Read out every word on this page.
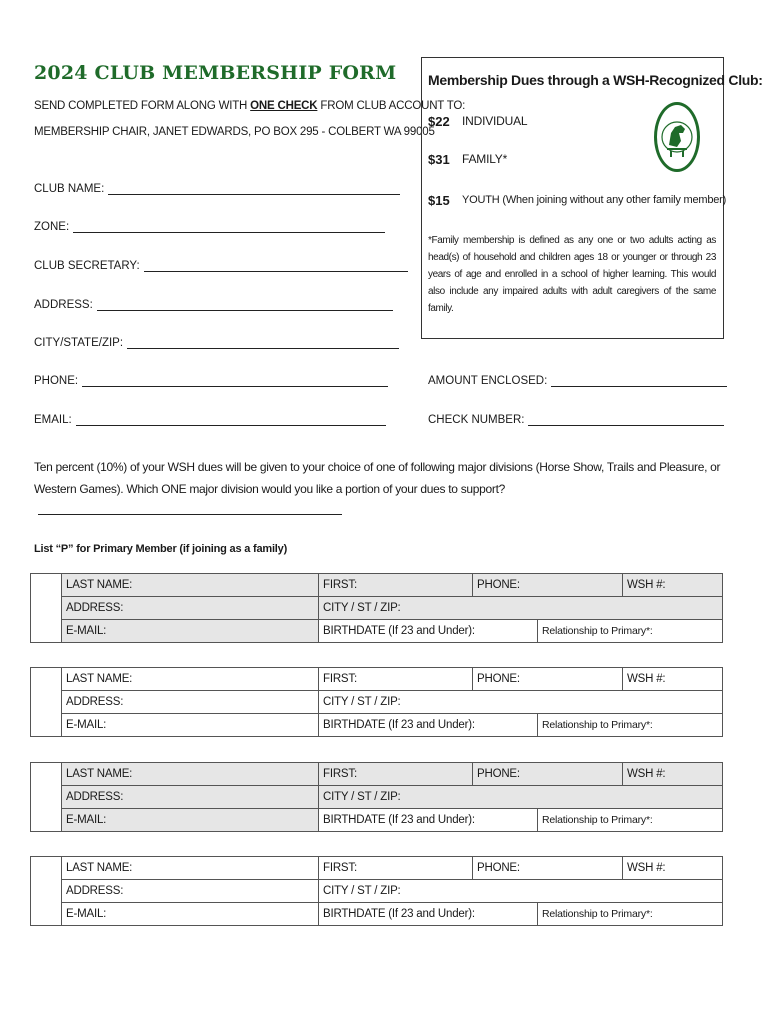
2024 CLUB MEMBERSHIP FORM
SEND COMPLETED FORM ALONG WITH ONE CHECK FROM CLUB ACCOUNT TO:
MEMBERSHIP CHAIR, JANET EDWARDS, PO BOX 295 - COLBERT WA 99005
CLUB NAME:
ZONE:
CLUB SECRETARY:
ADDRESS:
CITY/STATE/ZIP:
PHONE:
EMAIL:
Membership Dues through a WSH-Recognized Club:
$22 INDIVIDUAL
$31 FAMILY*
$15 YOUTH (When joining without any other family member)
*Family membership is defined as any one or two adults acting as head(s) of household and children ages 18 or younger or through 23 years of age and enrolled in a school of higher learning. This would also include any impaired adults with adult caregivers of the same family.
AMOUNT ENCLOSED:
CHECK NUMBER:
Ten percent (10%) of your WSH dues will be given to your choice of one of following major divisions (Horse Show, Trails and Pleasure, or Western Games). Which ONE major division would you like a portion of your dues to support?
List “P” for Primary Member (if joining as a family)
	LAST NAME:	FIRST:	PHONE:		WSH #:
	ADDRESS:	CITY / ST / ZIP:			
	E-MAIL:	BIRTHDATE (If 23 and Under):		Relationship to Primary*:	
	LAST NAME:	FIRST:	PHONE:		WSH #:
	ADDRESS:	CITY / ST / ZIP:			
	E-MAIL:	BIRTHDATE (If 23 and Under):		Relationship to Primary*:	
	LAST NAME:	FIRST:	PHONE:		WSH #:
	ADDRESS:	CITY / ST / ZIP:			
	E-MAIL:	BIRTHDATE (If 23 and Under):		Relationship to Primary*:	
	LAST NAME:	FIRST:	PHONE:		WSH #:
	ADDRESS:	CITY / ST / ZIP:			
	E-MAIL:	BIRTHDATE (If 23 and Under):		Relationship to Primary*:	
